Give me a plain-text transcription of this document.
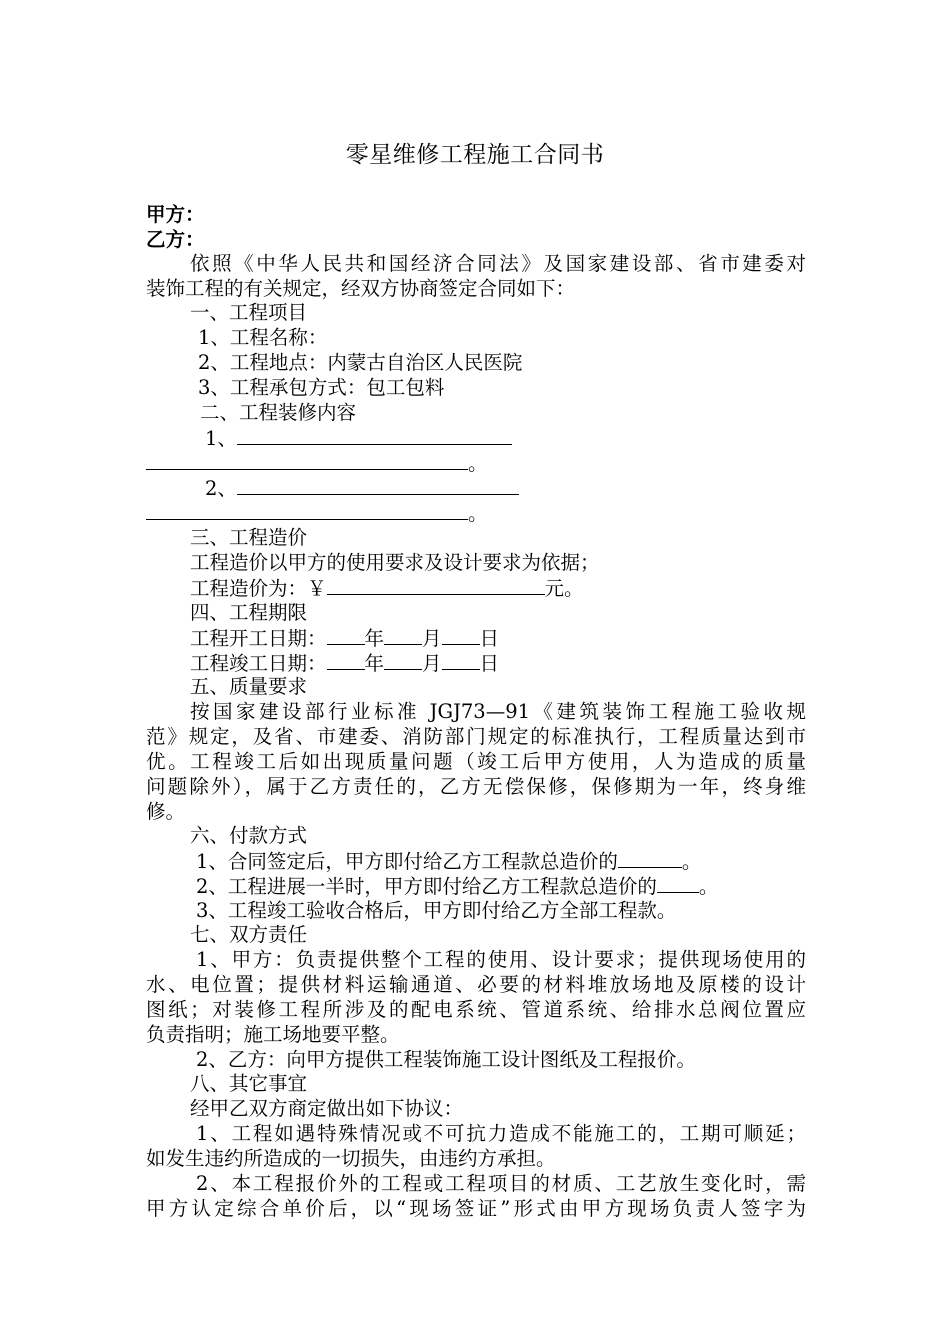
零星维修工程施工合同书
甲方：
乙方：
依照《中华人民共和国经济合同法》及国家建设部、省市建委对
装饰工程的有关规定，经双方协商签定合同如下：
一、工程项目
1、工程名称：
2、工程地点：内蒙古自治区人民医院
3、工程承包方式：包工包料
二、工程装修内容
1、
。
2、
。
三、工程造价
工程造价以甲方的使用要求及设计要求为依据；
工程造价为：￥	元。
四、工程期限
工程开工日期： 年 月 日
工程竣工日期： 年 月 日
五、质量要求
按国家建设部行业标准 JGJ73—91《建筑装饰工程施工验收规
范》规定，及省、市建委、消防部门规定的标准执行，工程质量达到市
优。工程竣工后如出现质量问题（竣工后甲方使用，人为造成的质量
问题除外），属于乙方责任的，乙方无偿保修，保修期为一年，终身维
修。
六、付款方式
1、合同签定后，甲方即付给乙方工程款总造价的	。
2、工程进展一半时，甲方即付给乙方工程款总造价的 。
3、工程竣工验收合格后，甲方即付给乙方全部工程款。
七、双方责任
1、甲方：负责提供整个工程的使用、设计要求；提供现场使用的
水、电位置；提供材料运输通道、必要的材料堆放场地及原楼的设计
图纸；对装修工程所涉及的配电系统、管道系统、给排水总阀位置应
负责指明；施工场地要平整。
2、乙方：向甲方提供工程装饰施工设计图纸及工程报价。
八、其它事宜
经甲乙双方商定做出如下协议：
1、工程如遇特殊情况或不可抗力造成不能施工的，工期可顺延；
如发生违约所造成的一切损失，由违约方承担。
2、本工程报价外的工程或工程项目的材质、工艺放生变化时，需
甲方认定综合单价后，以“现场签证”形式由甲方现场负责人签字为
